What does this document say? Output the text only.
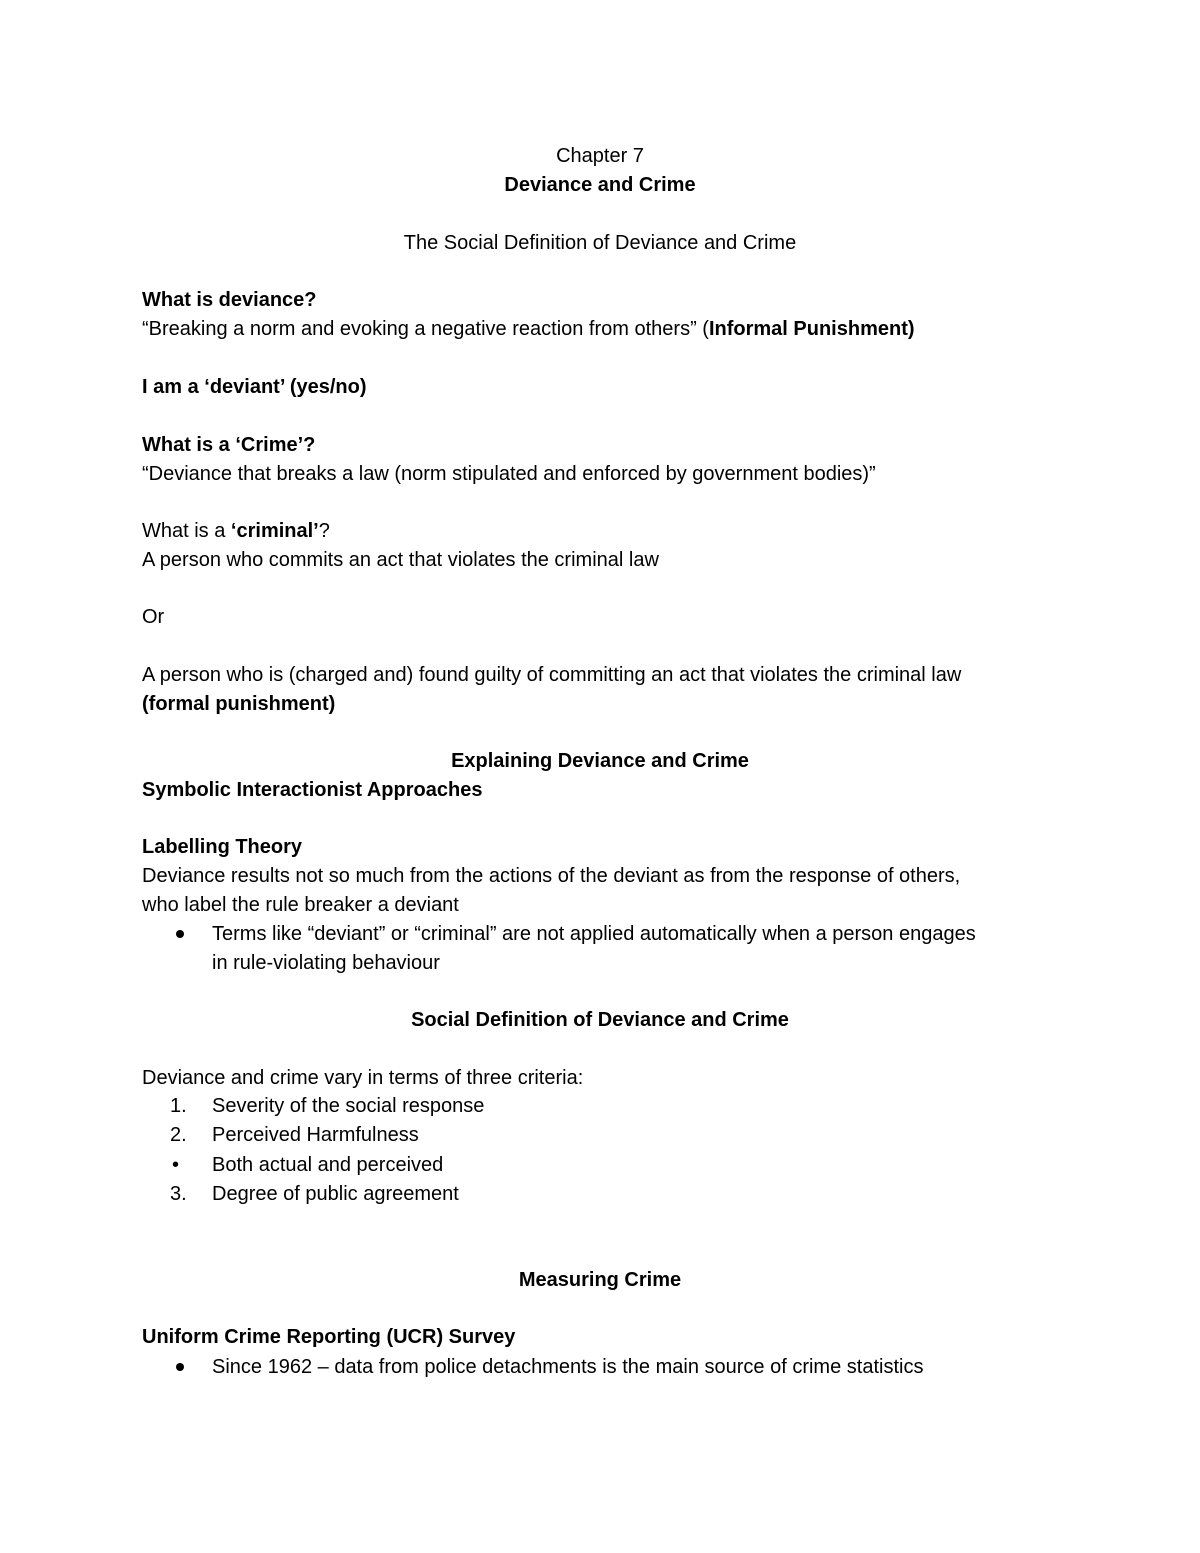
Chapter 7
Deviance and Crime
The Social Definition of Deviance and Crime
What is deviance?
“Breaking a norm and evoking a negative reaction from others” (Informal Punishment)
I am a ‘deviant’ (yes/no)
What is a ‘Crime’?
“Deviance that breaks a law (norm stipulated and enforced by government bodies)”
What is a ‘criminal’?
A person who commits an act that violates the criminal law
Or
A person who is (charged and) found guilty of committing an act that violates the criminal law
(formal punishment)
Explaining Deviance and Crime
Symbolic Interactionist Approaches
Labelling Theory
Deviance results not so much from the actions of the deviant as from the response of others,
who label the rule breaker a deviant
Terms like “deviant” or “criminal” are not applied automatically when a person engages
in rule-violating behaviour
Social Definition of Deviance and Crime
Deviance and crime vary in terms of three criteria:
1. Severity of the social response
2. Perceived Harmfulness
• Both actual and perceived
3. Degree of public agreement
Measuring Crime
Uniform Crime Reporting (UCR) Survey
Since 1962 – data from police detachments is the main source of crime statistics
